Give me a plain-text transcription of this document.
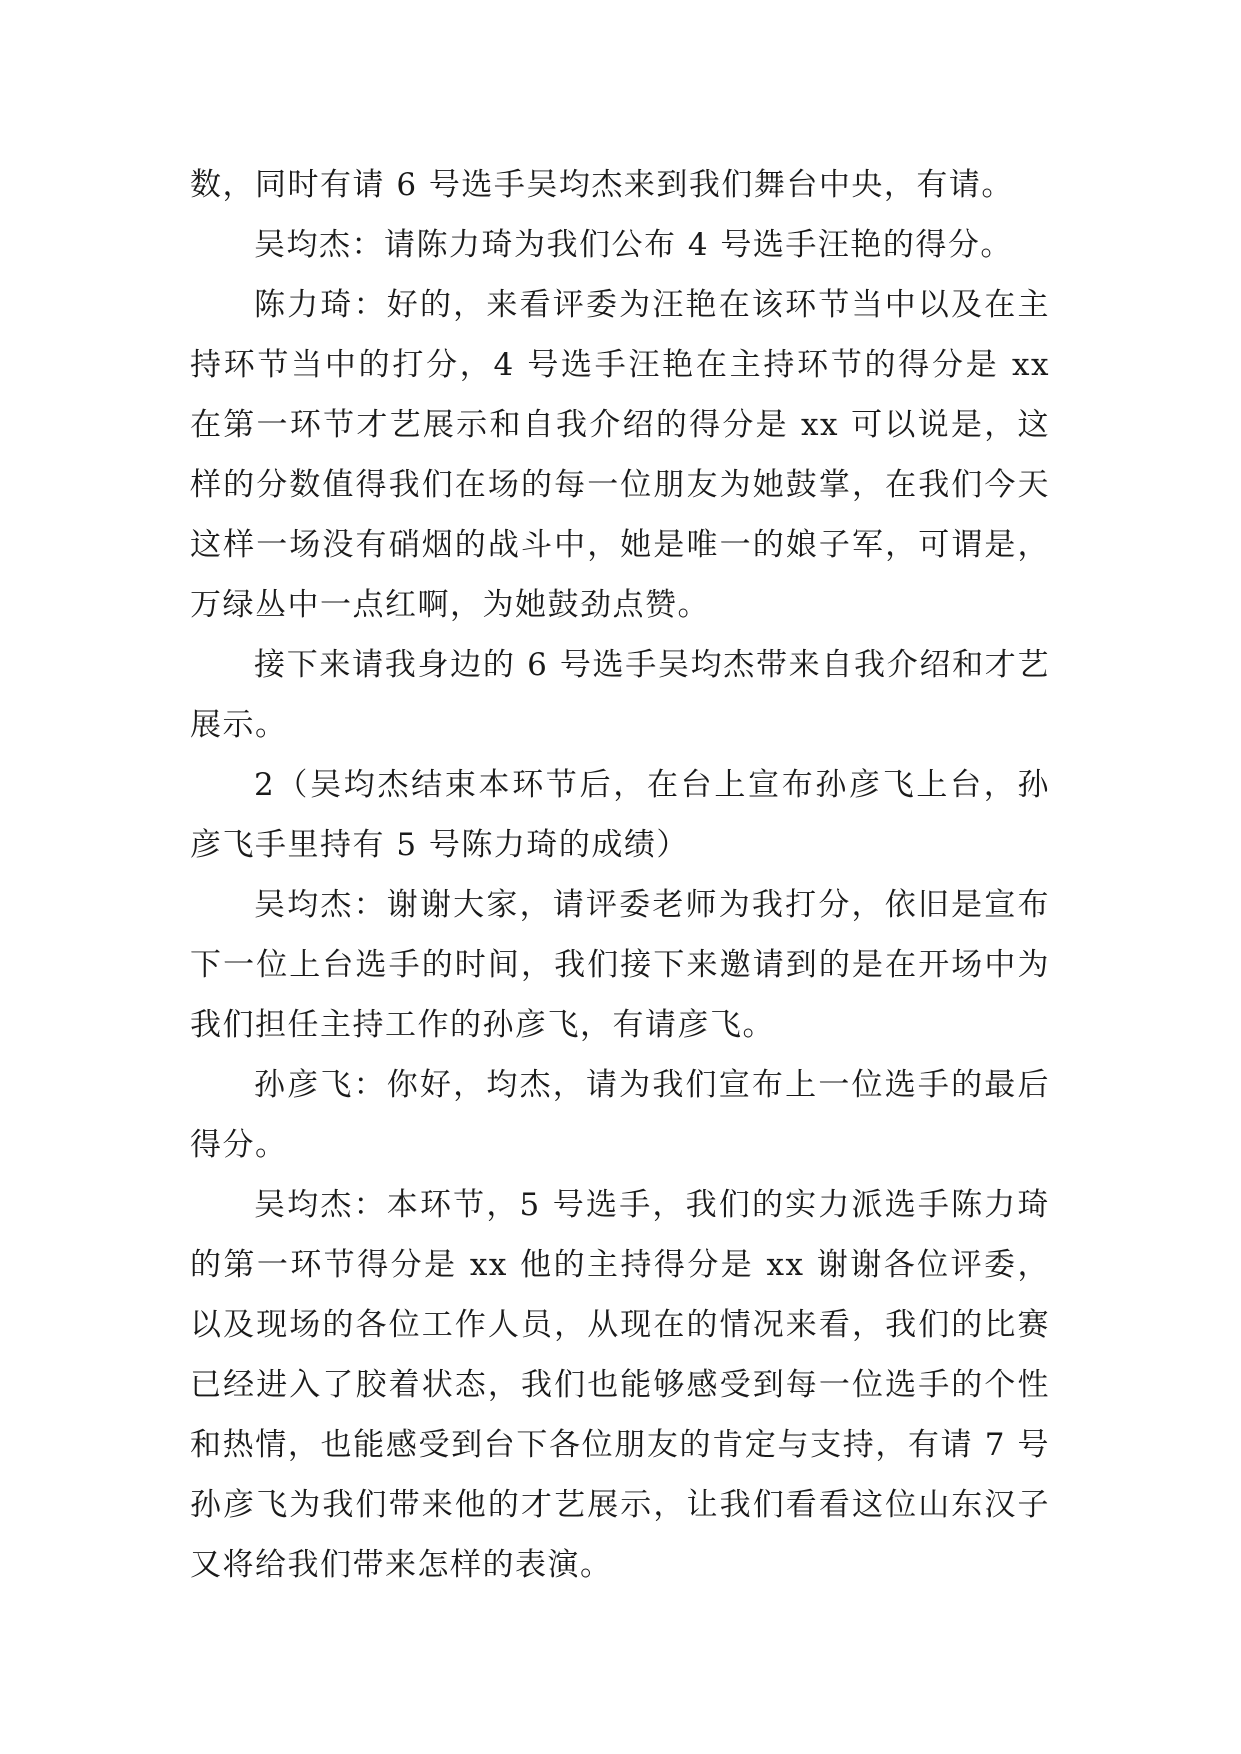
数，同时有请 6 号选手吴均杰来到我们舞台中央，有请。

吴均杰：请陈力琦为我们公布 4 号选手汪艳的得分。

陈力琦：好的，来看评委为汪艳在该环节当中以及在主持环节当中的打分，4 号选手汪艳在主持环节的得分是 xx 在第一环节才艺展示和自我介绍的得分是 xx 可以说是，这样的分数值得我们在场的每一位朋友为她鼓掌，在我们今天这样一场没有硝烟的战斗中，她是唯一的娘子军，可谓是，万绿丛中一点红啊，为她鼓劲点赞。

接下来请我身边的 6 号选手吴均杰带来自我介绍和才艺展示。

2（吴均杰结束本环节后，在台上宣布孙彦飞上台，孙彦飞手里持有 5 号陈力琦的成绩）

吴均杰：谢谢大家，请评委老师为我打分，依旧是宣布下一位上台选手的时间，我们接下来邀请到的是在开场中为我们担任主持工作的孙彦飞，有请彦飞。

孙彦飞：你好，均杰，请为我们宣布上一位选手的最后得分。

吴均杰：本环节，5 号选手，我们的实力派选手陈力琦的第一环节得分是 xx 他的主持得分是 xx 谢谢各位评委，以及现场的各位工作人员，从现在的情况来看，我们的比赛已经进入了胶着状态，我们也能够感受到每一位选手的个性和热情，也能感受到台下各位朋友的肯定与支持，有请 7 号孙彦飞为我们带来他的才艺展示，让我们看看这位山东汉子又将给我们带来怎样的表演。
